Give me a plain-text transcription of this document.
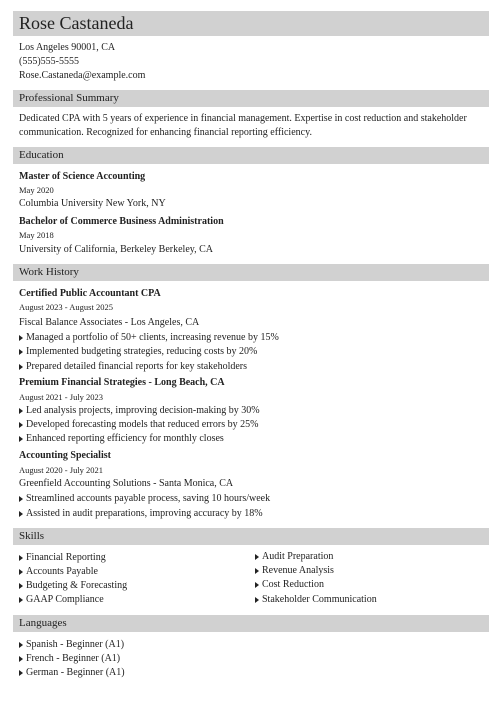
Rose Castaneda
Los Angeles 90001, CA
(555)555-5555
Rose.Castaneda@example.com
Professional Summary
Dedicated CPA with 5 years of experience in financial management. Expertise in cost reduction and stakeholder communication. Recognized for enhancing financial reporting efficiency.
Education
Master of Science Accounting
May 2020
Columbia University New York, NY
Bachelor of Commerce Business Administration
May 2018
University of California, Berkeley Berkeley, CA
Work History
Certified Public Accountant CPA
August 2023 - August 2025
Fiscal Balance Associates - Los Angeles, CA
Managed a portfolio of 50+ clients, increasing revenue by 15%
Implemented budgeting strategies, reducing costs by 20%
Prepared detailed financial reports for key stakeholders
Premium Financial Strategies - Long Beach, CA
August 2021 - July 2023
Led analysis projects, improving decision-making by 30%
Developed forecasting models that reduced errors by 25%
Enhanced reporting efficiency for monthly closes
Accounting Specialist
August 2020 - July 2021
Greenfield Accounting Solutions - Santa Monica, CA
Streamlined accounts payable process, saving 10 hours/week
Assisted in audit preparations, improving accuracy by 18%
Skills
Financial Reporting
Accounts Payable
Budgeting & Forecasting
GAAP Compliance
Audit Preparation
Revenue Analysis
Cost Reduction
Stakeholder Communication
Languages
Spanish - Beginner (A1)
French - Beginner (A1)
German - Beginner (A1)
